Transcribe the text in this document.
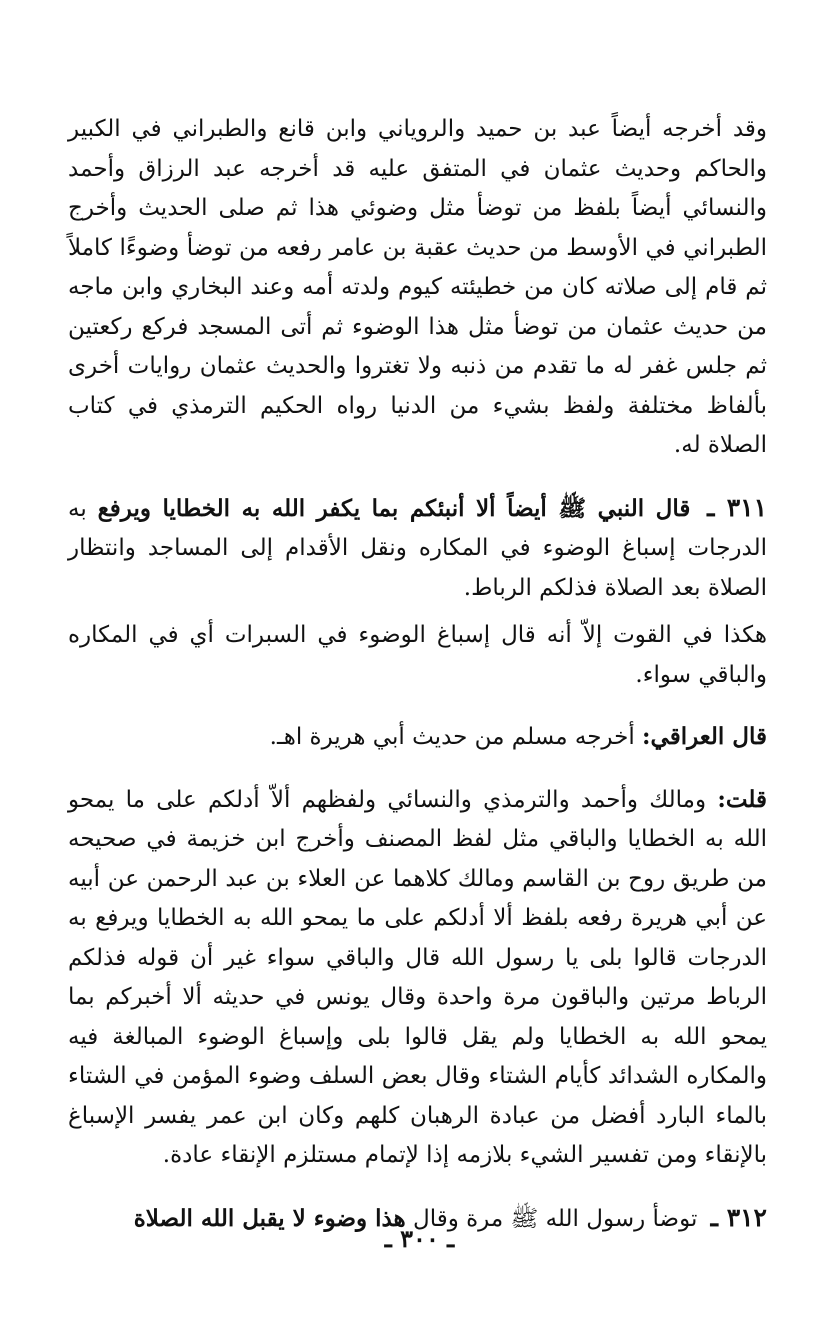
وقد أخرجه أيضاً عبد بن حميد والروياني وابن قانع والطبراني في الكبير والحاكم وحديث عثمان في المتفق عليه قد أخرجه عبد الرزاق وأحمد والنسائي أيضاً بلفظ من توضأ مثل وضوئي هذا ثم صلى الحديث وأخرج الطبراني في الأوسط من حديث عقبة بن عامر رفعه من توضأ وضوءًا كاملاً ثم قام إلى صلاته كان من خطيئته كيوم ولدته أمه وعند البخاري وابن ماجه من حديث عثمان من توضأ مثل هذا الوضوء ثم أتى المسجد فركع ركعتين ثم جلس غفر له ما تقدم من ذنبه ولا تغتروا والحديث عثمان روايات أخرى بألفاظ مختلفة ولفظ بشيء من الدنيا رواه الحكيم الترمذي في كتاب الصلاة له.

٣١١ ـ قال النبي ﷺ أيضاً ألا أنبئكم بما يكفر الله به الخطايا ويرفع به الدرجات إسباغ الوضوء في المكاره ونقل الأقدام إلى المساجد وانتظار الصلاة بعد الصلاة فذلكم الرباط.

هكذا في القوت إلاّ أنه قال إسباغ الوضوء في السبرات أي في المكاره والباقي سواء.

قال العراقي: أخرجه مسلم من حديث أبي هريرة اهـ.

قلت: ومالك وأحمد والترمذي والنسائي ولفظهم ألاّ أدلكم على ما يمحو الله به الخطايا والباقي مثل لفظ المصنف وأخرج ابن خزيمة في صحيحه من طريق روح بن القاسم ومالك كلاهما عن العلاء بن عبد الرحمن عن أبيه عن أبي هريرة رفعه بلفظ ألا أدلكم على ما يمحو الله به الخطايا ويرفع به الدرجات قالوا بلى يا رسول الله قال والباقي سواء غير أن قوله فذلكم الرباط مرتين والباقون مرة واحدة وقال يونس في حديثه ألا أخبركم بما يمحو الله به الخطايا ولم يقل قالوا بلى وإسباغ الوضوء المبالغة فيه والمكاره الشدائد كأيام الشتاء وقال بعض السلف وضوء المؤمن في الشتاء بالماء البارد أفضل من عبادة الرهبان كلهم وكان ابن عمر يفسر الإسباغ بالإنقاء ومن تفسير الشيء بلازمه إذا لإتمام مستلزم الإنقاء عادة.

٣١٢ ـ توضأ رسول الله ﷺ مرة وقال هذا وضوء لا يقبل الله الصلاة

ـ ٣٠٠ ـ
